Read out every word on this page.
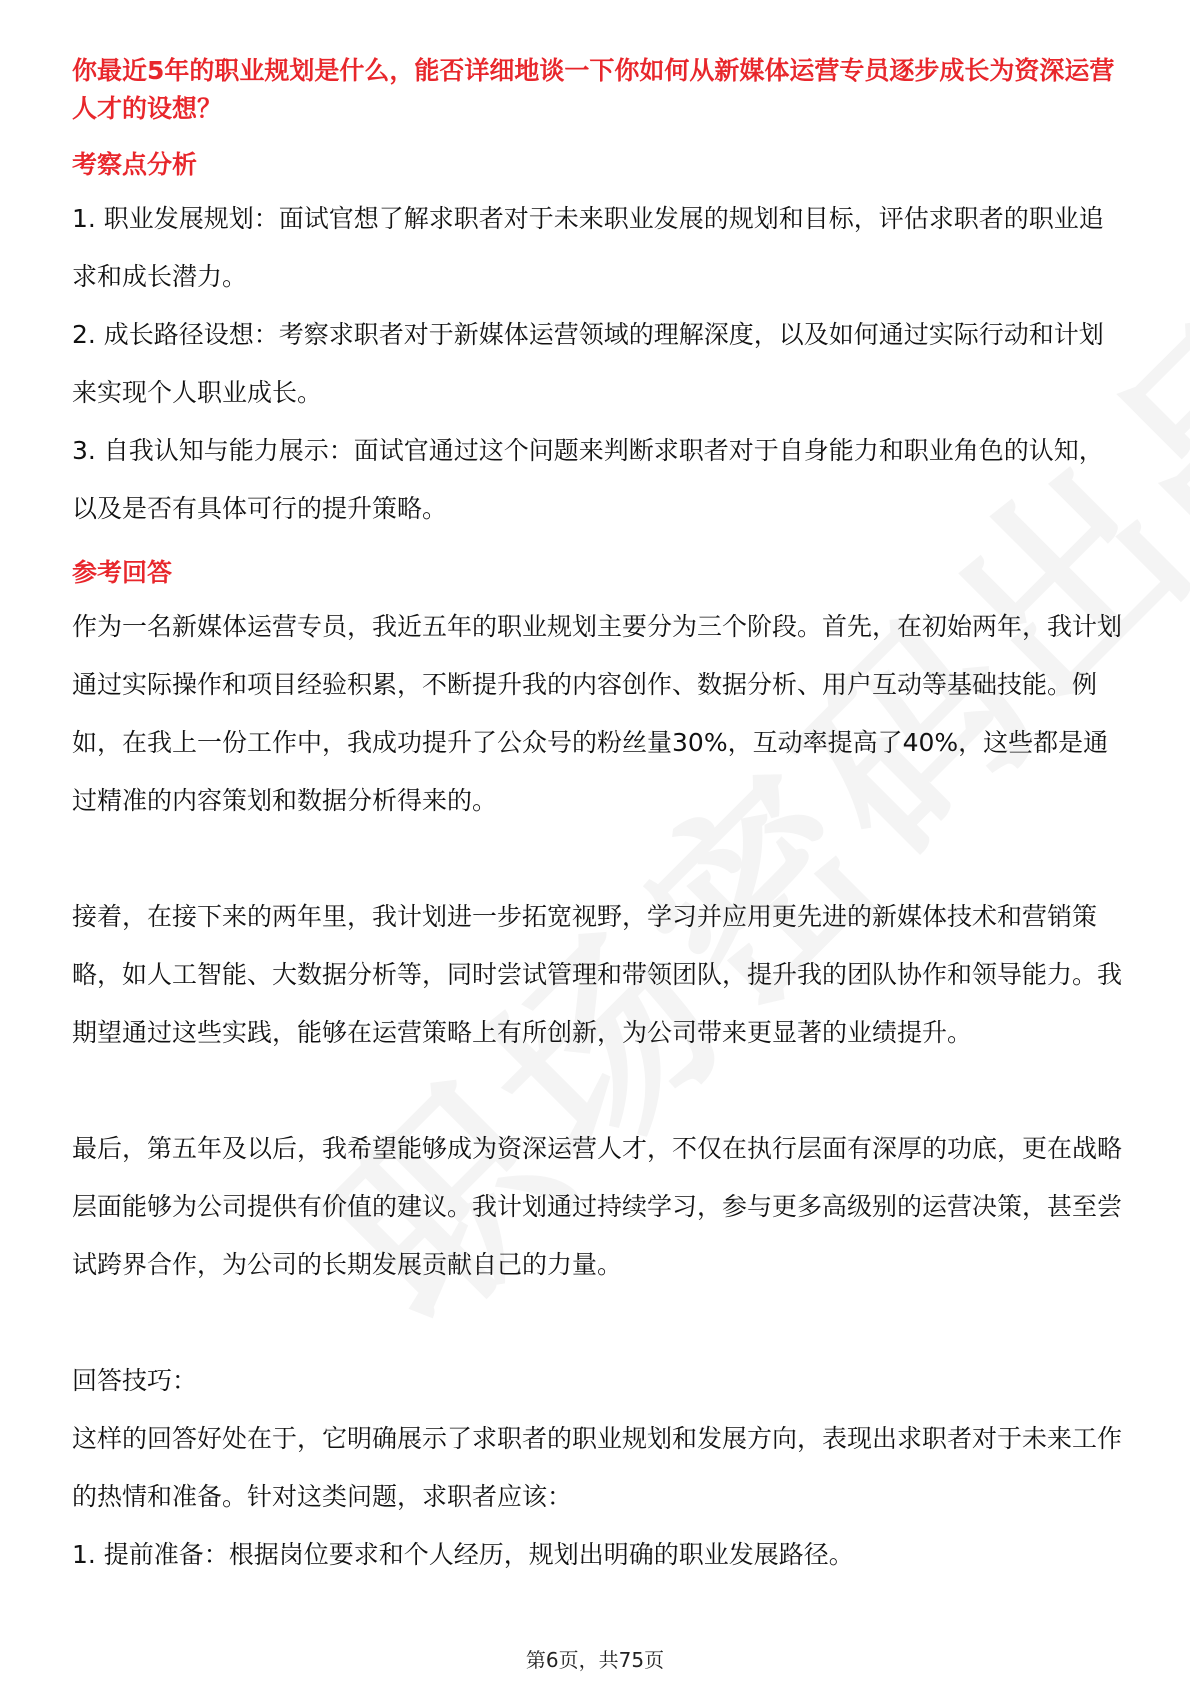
你最近5年的职业规划是什么，能否详细地谈一下你如何从新媒体运营专员逐步成长为资深运营人才的设想？

考察点分析

1. 职业发展规划：面试官想了解求职者对于未来职业发展的规划和目标，评估求职者的职业追求和成长潜力。

2. 成长路径设想：考察求职者对于新媒体运营领域的理解深度，以及如何通过实际行动和计划来实现个人职业成长。

3. 自我认知与能力展示：面试官通过这个问题来判断求职者对于自身能力和职业角色的认知，以及是否有具体可行的提升策略。

参考回答

作为一名新媒体运营专员，我近五年的职业规划主要分为三个阶段。首先，在初始两年，我计划通过实际操作和项目经验积累，不断提升我的内容创作、数据分析、用户互动等基础技能。例如，在我上一份工作中，我成功提升了公众号的粉丝量30%，互动率提高了40%，这些都是通过精准的内容策划和数据分析得来的。

接着，在接下来的两年里，我计划进一步拓宽视野，学习并应用更先进的新媒体技术和营销策略，如人工智能、大数据分析等，同时尝试管理和带领团队，提升我的团队协作和领导能力。我期望通过这些实践，能够在运营策略上有所创新，为公司带来更显著的业绩提升。

最后，第五年及以后，我希望能够成为资深运营人才，不仅在执行层面有深厚的功底，更在战略层面能够为公司提供有价值的建议。我计划通过持续学习，参与更多高级别的运营决策，甚至尝试跨界合作，为公司的长期发展贡献自己的力量。

回答技巧：

这样的回答好处在于，它明确展示了求职者的职业规划和发展方向，表现出求职者对于未来工作的热情和准备。针对这类问题，求职者应该：

1. 提前准备：根据岗位要求和个人经历，规划出明确的职业发展路径。

第6页，共75页
